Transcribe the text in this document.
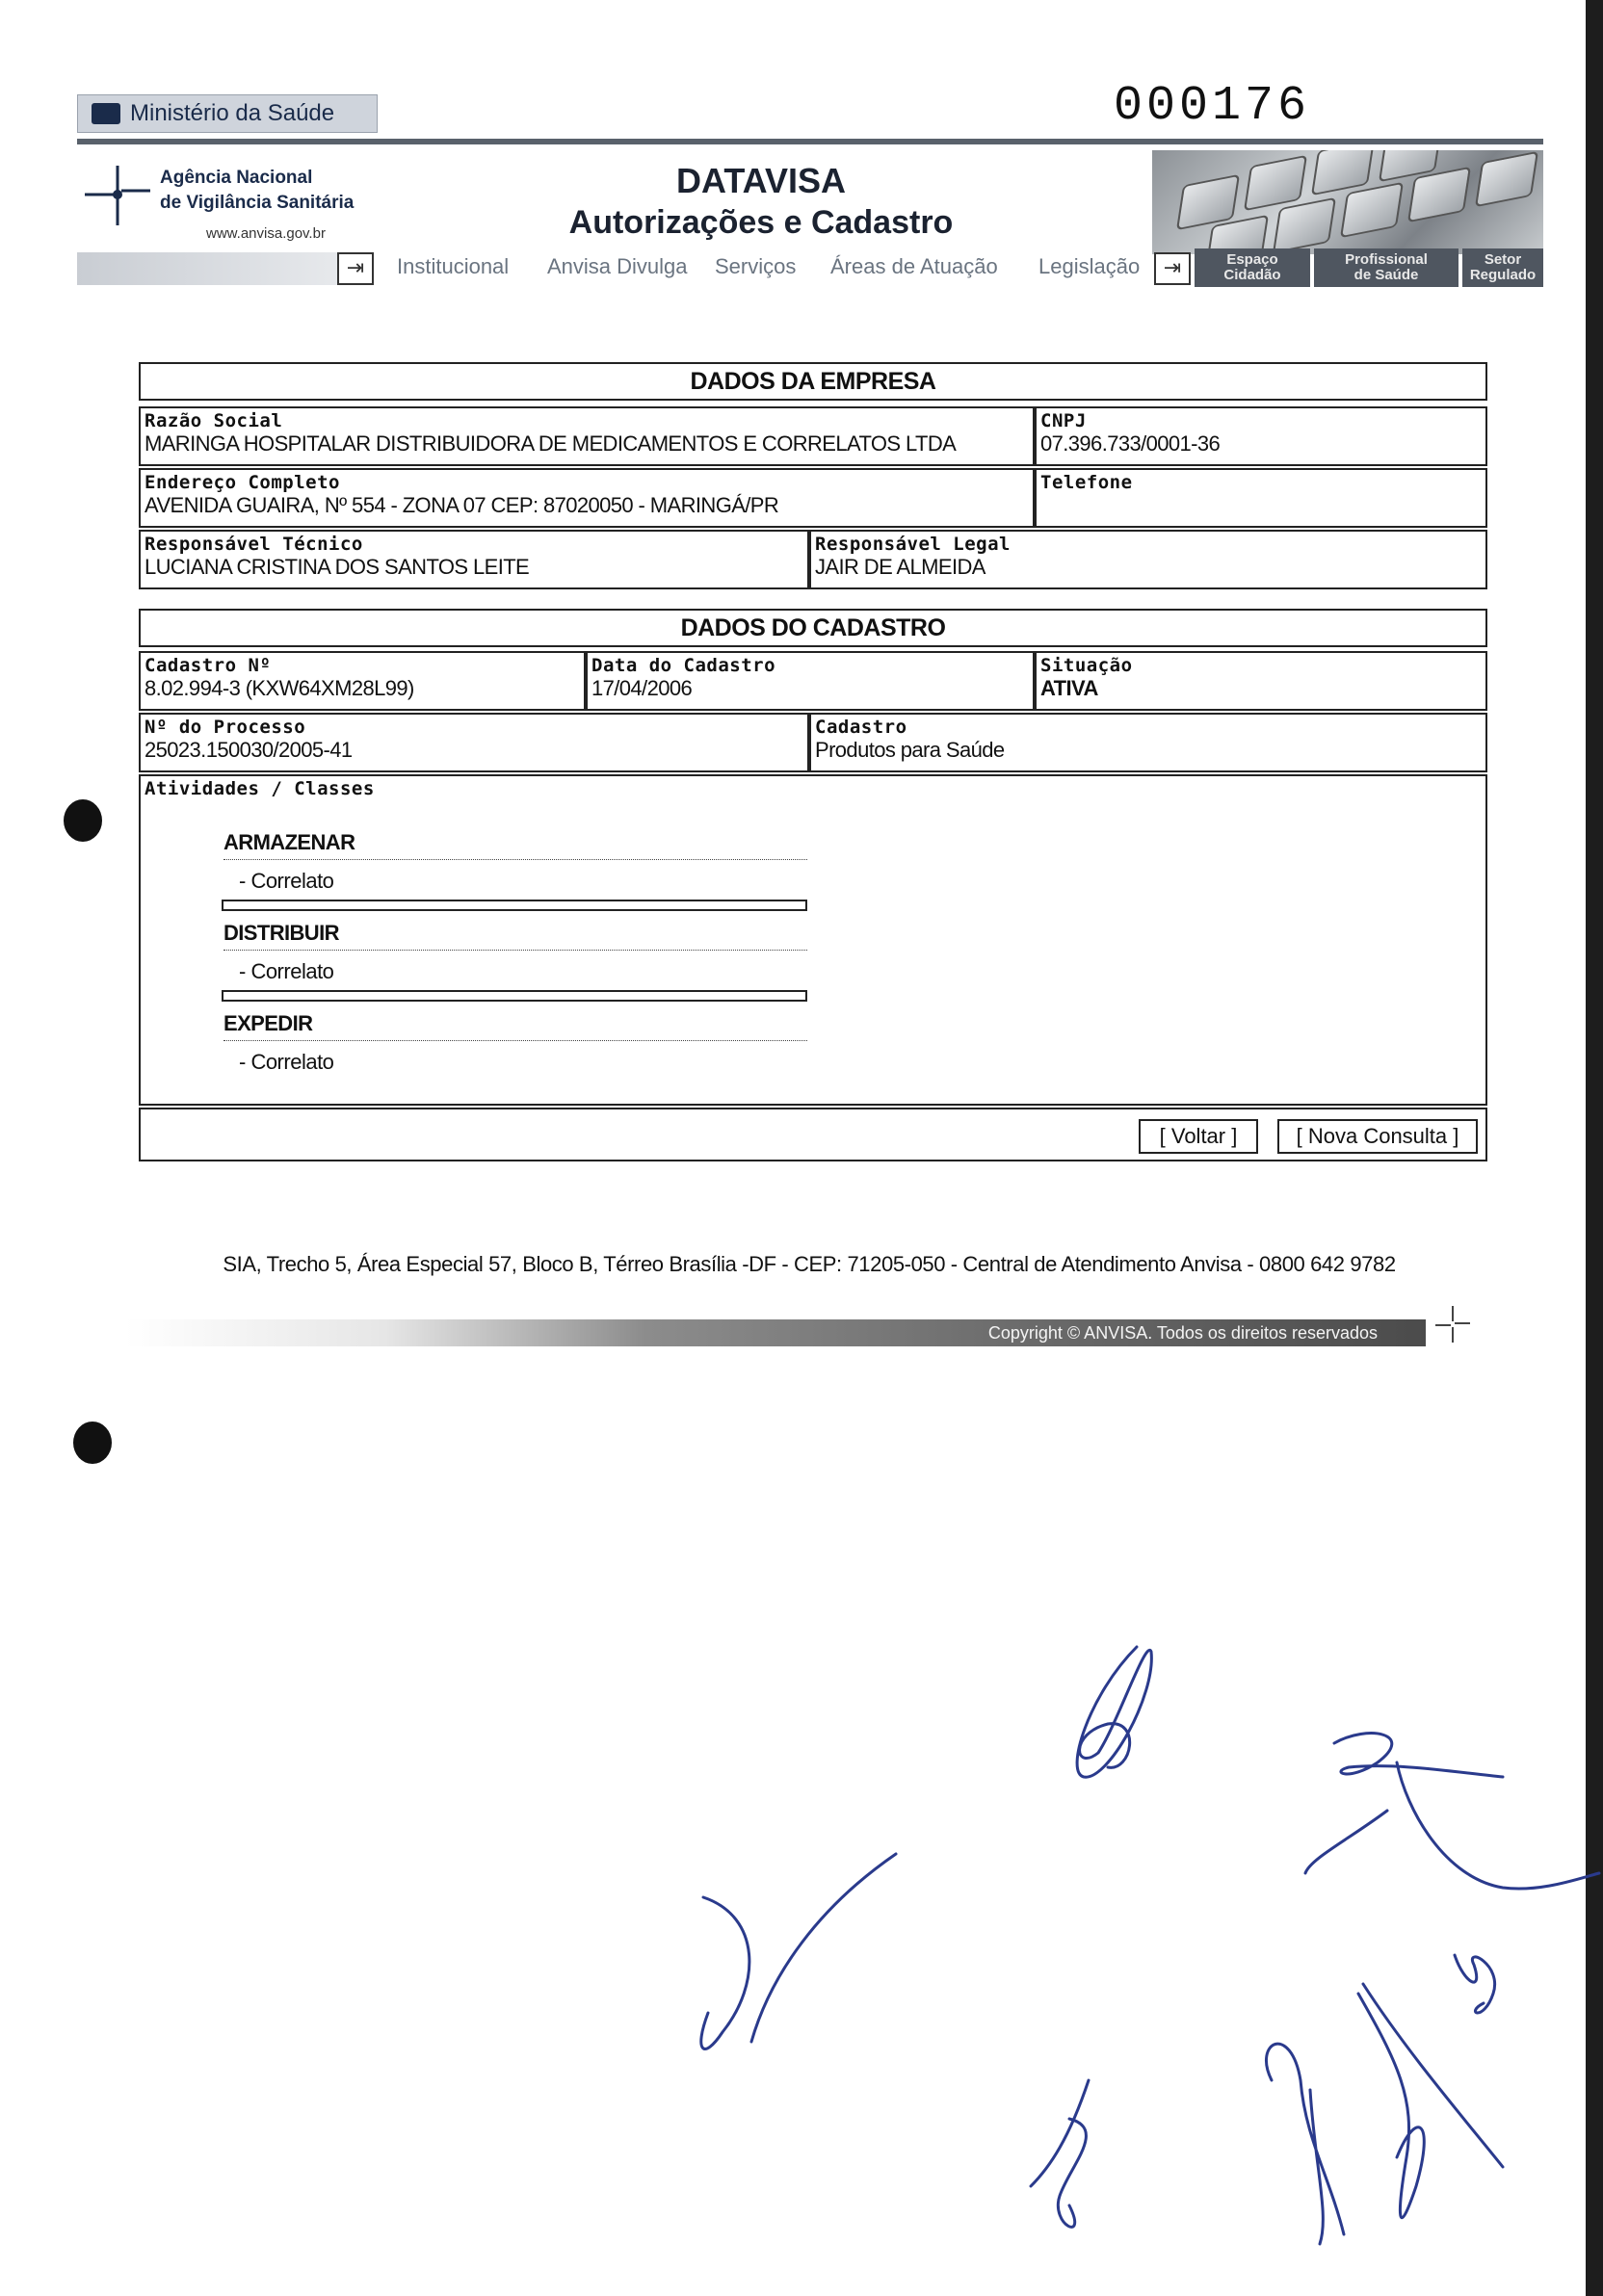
000176
Ministério da Saúde
Agência Nacional
de Vigilância Sanitária
www.anvisa.gov.br
DATAVISA
Autorizações e Cadastro
⇥	Institucional Anvisa Divulga Serviços Áreas de Atuação Legislação	⇥	Espaço
Cidadão
Profissional
de Saúde
Setor
Regulado
DADOS DA EMPRESA
Razão Social
MARINGA HOSPITALAR DISTRIBUIDORA DE MEDICAMENTOS E CORRELATOS LTDA
CNPJ
07.396.733/0001-36
Endereço Completo
AVENIDA GUAIRA, Nº 554 - ZONA 07 CEP: 87020050 - MARINGÁ/PR
Telefone
Responsável Técnico
LUCIANA CRISTINA DOS SANTOS LEITE
Responsável Legal
JAIR DE ALMEIDA
DADOS DO CADASTRO
Cadastro Nº
8.02.994-3 (KXW64XM28L99)
Data do Cadastro
17/04/2006
Situação
ATIVA
Nº do Processo
25023.150030/2005-41
Cadastro
Produtos para Saúde
Atividades / Classes
ARMAZENAR
- Correlato
DISTRIBUIR
- Correlato
EXPEDIR
- Correlato
[ Voltar ]	[ Nova Consulta ]
SIA, Trecho 5, Área Especial 57, Bloco B, Térreo Brasília -DF - CEP: 71205-050 - Central de Atendimento Anvisa - 0800 642 9782
Copyright © ANVISA. Todos os direitos reservados
